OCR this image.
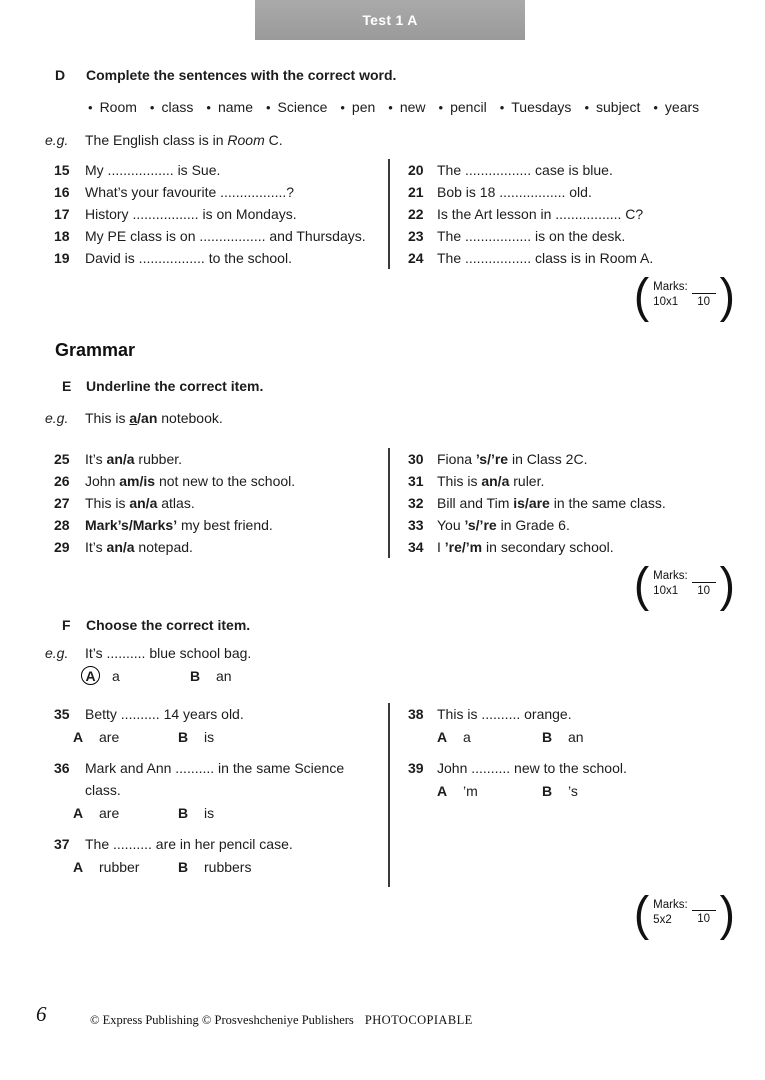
Test 1 A
D	Complete the sentences with the correct word.
• Room • class • name • Science • pen • new • pencil • Tuesdays • subject • years
e.g.	The English class is in Room C.
15	My ................. is Sue.
16	What’s your favourite .................?
17	History ................. is on Mondays.
18	My PE class is on ................. and Thursdays.
19	David is ................. to the school.
20 The ................. case is blue.
21 Bob is 18 ................. old.
22 Is the Art lesson in ................. C?
23 The ................. is on the desk.
24 The ................. class is in Room A.
( Marks:
10x1 10 )
Grammar
E	Underline the correct item.
e.g.	This is a/an notebook.
25	It’s an/a rubber.
26	John am/is not new to the school.
27	This is an/a atlas.
28	Mark’s/Marks’ my best friend.
29	It’s an/a notepad.
30 Fiona ’s/’re in Class 2C.
31 This is an/a ruler.
32 Bill and Tim is/are in the same class.
33 You ’s/’re in Grade 6.
34 I ’re/’m in secondary school.
( Marks:
10x1 10 )
F	Choose the correct item.
e.g.	It’s .......... blue school bag.
A	a	B an
35	Betty .......... 14 years old.
A are	B is
36	Mark and Ann .......... in the same Science class.
A are	B is
37	The .......... are in her pencil case.
A rubber	B rubbers
38 This is .......... orange.
A a	B an
39 John .......... new to the school.
A ’m	B ’s
( Marks:
5x2 10 )
6	© Express Publishing © Prosveshcheniye Publishers PHOTOCOPIABLE
